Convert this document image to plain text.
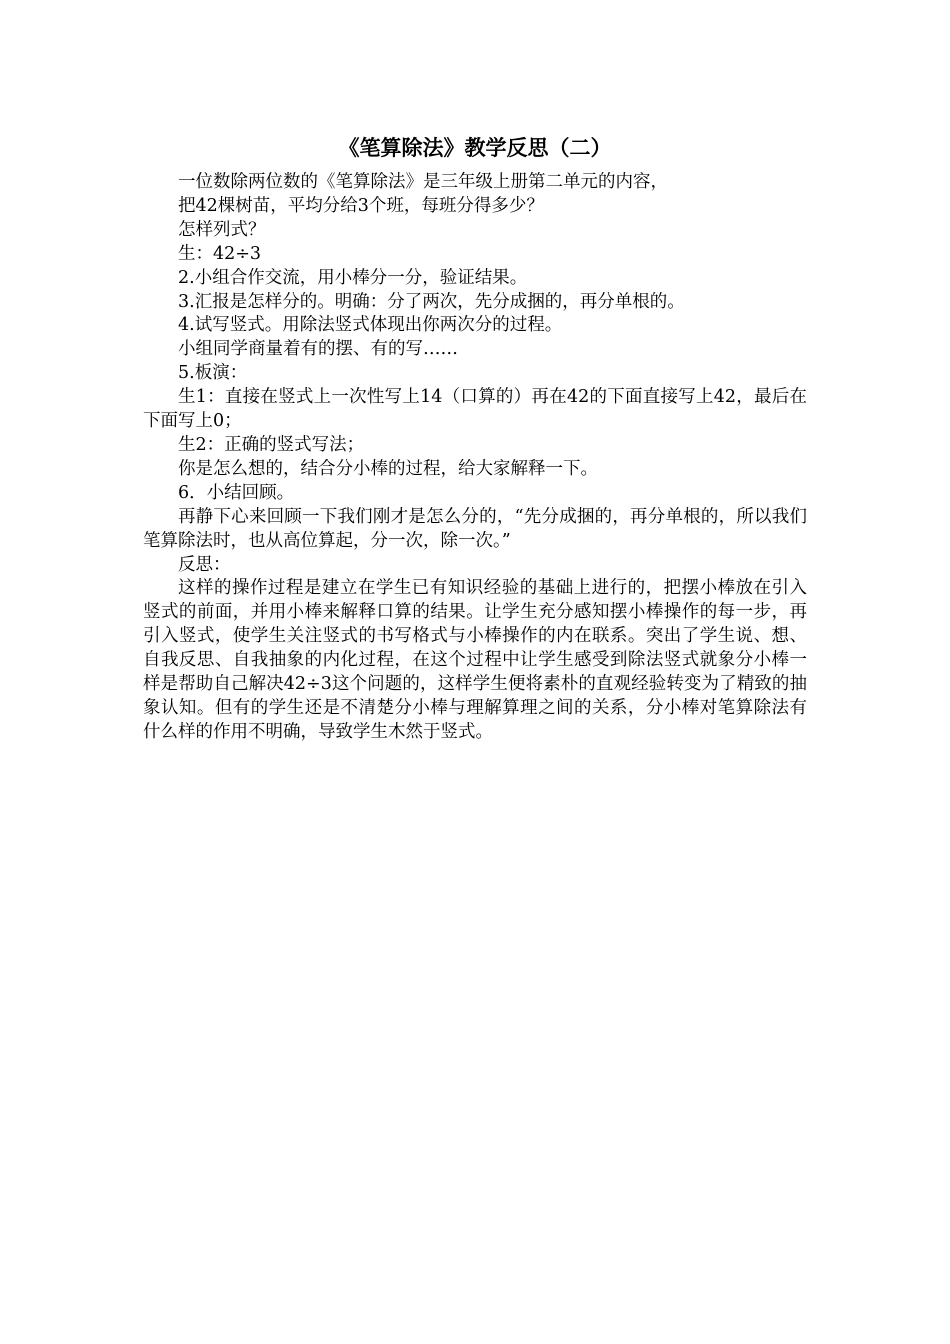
《笔算除法》教学反思（二）

一位数除两位数的《笔算除法》是三年级上册第二单元的内容，

把42棵树苗，平均分给3个班，每班分得多少？

怎样列式？

生：42÷3

2.小组合作交流，用小棒分一分，验证结果。

3.汇报是怎样分的。明确：分了两次，先分成捆的，再分单根的。

4.试写竖式。用除法竖式体现出你两次分的过程。

小组同学商量着有的摆、有的写……

5.板演：

生1：直接在竖式上一次性写上14（口算的）再在42的下面直接写上42，最后在下面写上0；

生2：正确的竖式写法；

你是怎么想的，结合分小棒的过程，给大家解释一下。

6．小结回顾。

再静下心来回顾一下我们刚才是怎么分的，“先分成捆的，再分单根的，所以我们笔算除法时，也从高位算起，分一次，除一次。”

反思：

这样的操作过程是建立在学生已有知识经验的基础上进行的，把摆小棒放在引入竖式的前面，并用小棒来解释口算的结果。让学生充分感知摆小棒操作的每一步，再引入竖式，使学生关注竖式的书写格式与小棒操作的内在联系。突出了学生说、想、自我反思、自我抽象的内化过程，在这个过程中让学生感受到除法竖式就象分小棒一样是帮助自己解决42÷3这个问题的，这样学生便将素朴的直观经验转变为了精致的抽象认知。但有的学生还是不清楚分小棒与理解算理之间的关系，分小棒对笔算除法有什么样的作用不明确，导致学生木然于竖式。
